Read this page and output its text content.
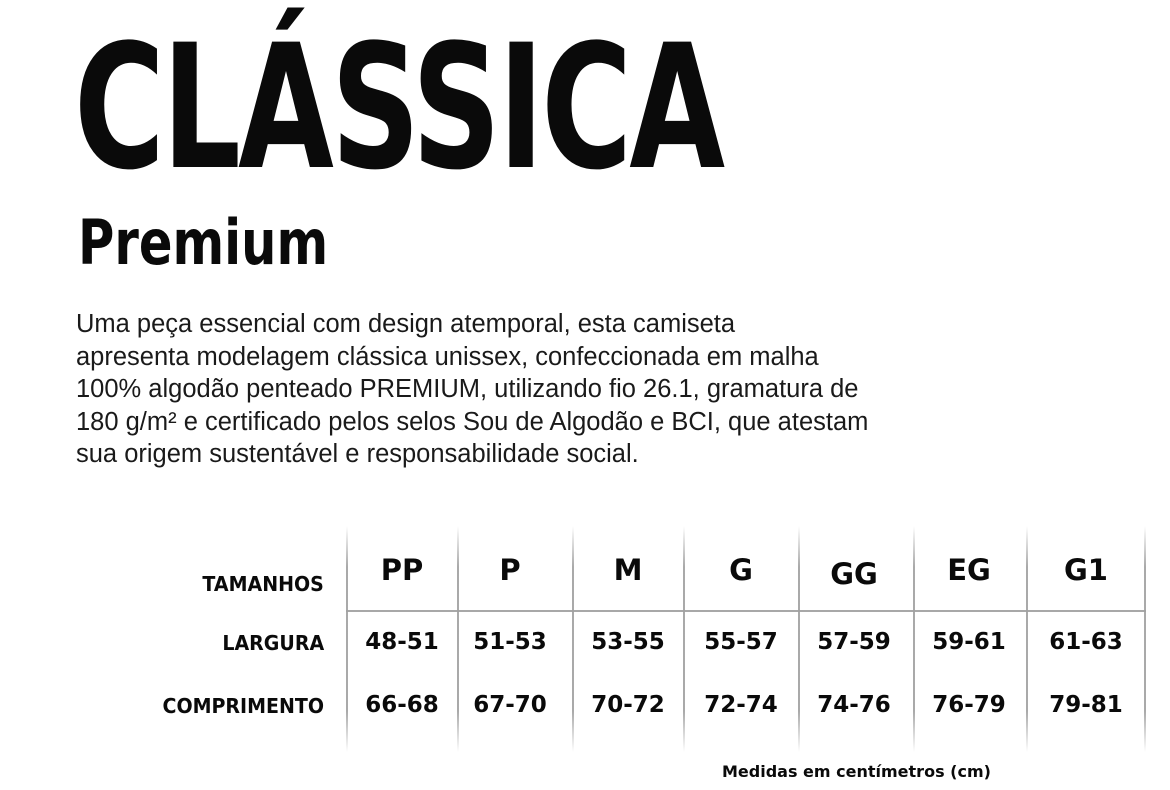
CLÁSSICA
Premium

Uma peça essencial com design atemporal, esta camiseta
apresenta modelagem clássica unissex, confeccionada em malha
100% algodão penteado PREMIUM, utilizando fio 26.1, gramatura de
180 g/m² e certificado pelos selos Sou de Algodão e BCI, que atestam
sua origem sustentável e responsabilidade social.

TAMANHOS
LARGURA
COMPRIMENTO
PP
48-51
66-68
P
51-53
67-70
M
53-55
70-72
G
55-57
72-74
GG
57-59
74-76
EG
59-61
76-79
G1
61-63
79-81

Medidas em centímetros (cm)
